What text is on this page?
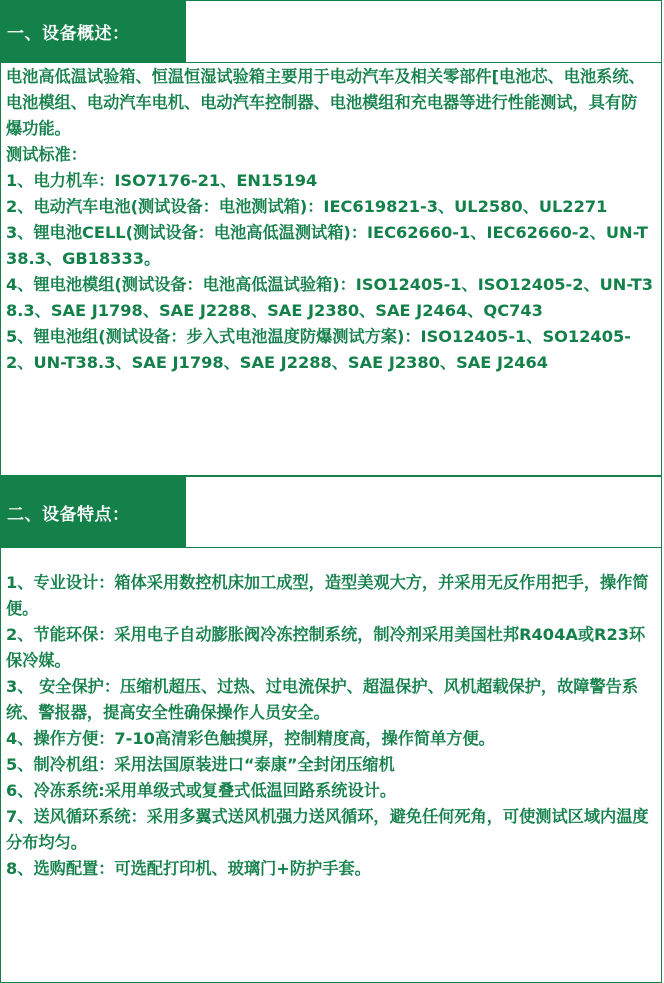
一、设备概述：
电池高低温试验箱、恒温恒湿试验箱主要用于电动汽车及相关零部件[电池芯、电池系统、电池模组、电动汽车电机、电动汽车控制器、电池模组和充电器等进行性能测试，具有防爆功能。
测试标准：
1、电力机车：ISO7176-21、EN15194
2、电动汽车电池(测试设备：电池测试箱)：IEC619821-3、UL2580、UL2271
3、锂电池CELL(测试设备：电池高低温测试箱)：IEC62660-1、IEC62660-2、UN-T 38.3、GB18333。
4、锂电池模组(测试设备：电池高低温试验箱)：ISO12405-1、ISO12405-2、UN-T38.3、SAE J1798、SAE J2288、SAE J2380、SAE J2464、QC743
5、锂电池组(测试设备：步入式电池温度防爆测试方案)：ISO12405-1、SO12405-2、UN-T38.3、SAE J1798、SAE J2288、SAE J2380、SAE J2464
二、设备特点：
1、专业设计：箱体采用数控机床加工成型，造型美观大方，并采用无反作用把手，操作简便。
2、节能环保：采用电子自动膨胀阀冷冻控制系统，制冷剂采用美国杜邦R404A或R23环保冷媒。
3、 安全保护：压缩机超压、过热、过电流保护、超温保护、风机超载保护，故障警告系统、警报器，提高安全性确保操作人员安全。
4、操作方便：7-10高清彩色触摸屏，控制精度高，操作简单方便。
5、制冷机组：采用法国原装进口“泰康”全封闭压缩机
6、冷冻系统:采用单级式或复叠式低温回路系统设计。
7、送风循环系统：采用多翼式送风机强力送风循环，避免任何死角，可使测试区域内温度分布均匀。
8、选购配置：可选配打印机、玻璃门+防护手套。
